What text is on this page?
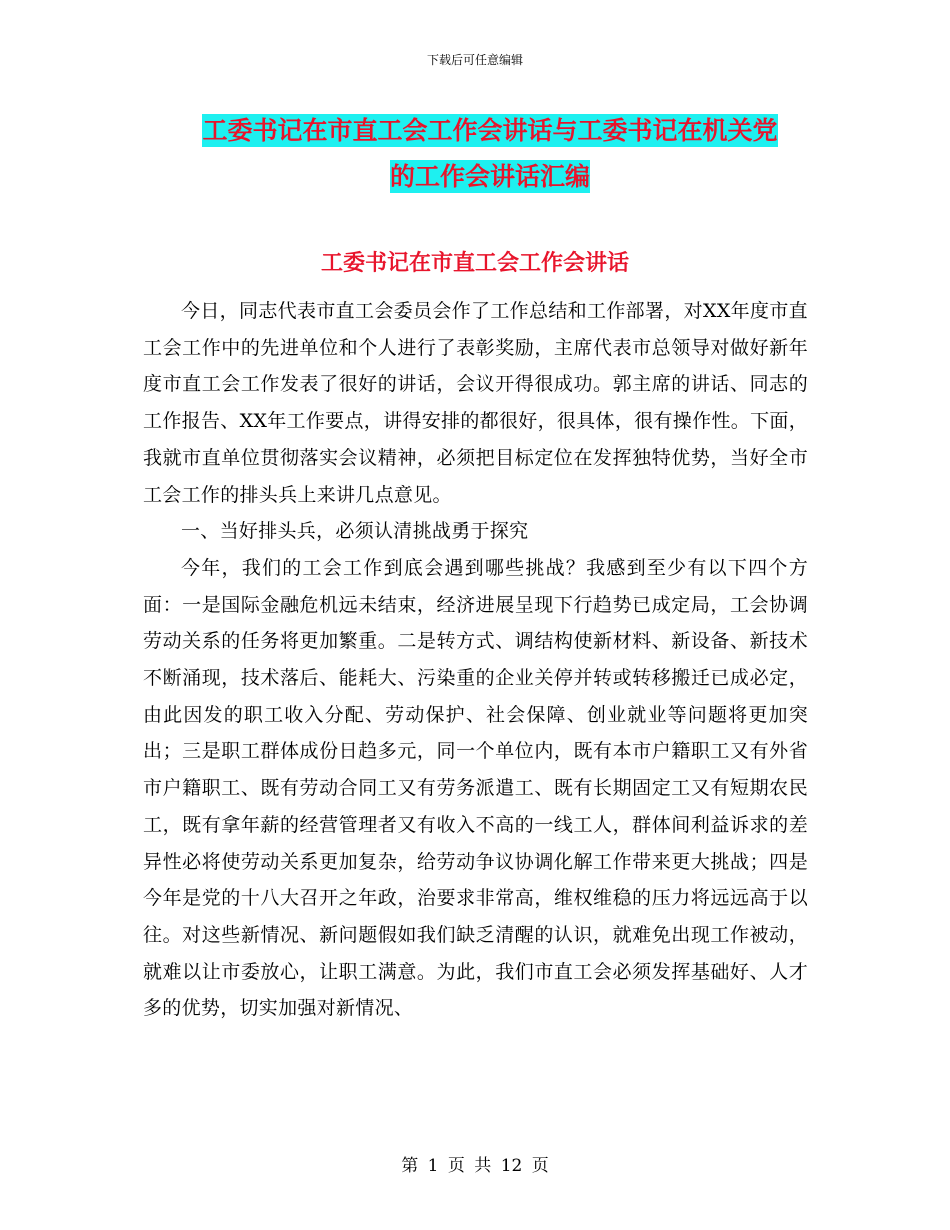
下载后可任意编辑
工委书记在市直工会工作会讲话与工委书记在机关党
的工作会讲话汇编
工委书记在市直工会工作会讲话

今日，同志代表市直工会委员会作了工作总结和工作部署，对XX年度市直工会工作中的先进单位和个人进行了表彰奖励，主席代表市总领导对做好新年度市直工会工作发表了很好的讲话，会议开得很成功。郭主席的讲话、同志的工作报告、XX年工作要点，讲得安排的都很好，很具体，很有操作性。下面，我就市直单位贯彻落实会议精神，必须把目标定位在发挥独特优势，当好全市工会工作的排头兵上来讲几点意见。

一、当好排头兵，必须认清挑战勇于探究

今年，我们的工会工作到底会遇到哪些挑战？我感到至少有以下四个方面：一是国际金融危机远未结束，经济进展呈现下行趋势已成定局，工会协调劳动关系的任务将更加繁重。二是转方式、调结构使新材料、新设备、新技术不断涌现，技术落后、能耗大、污染重的企业关停并转或转移搬迁已成必定，由此因发的职工收入分配、劳动保护、社会保障、创业就业等问题将更加突出；三是职工群体成份日趋多元，同一个单位内，既有本市户籍职工又有外省市户籍职工、既有劳动合同工又有劳务派遣工、既有长期固定工又有短期农民工，既有拿年薪的经营管理者又有收入不高的一线工人，群体间利益诉求的差异性必将使劳动关系更加复杂，给劳动争议协调化解工作带来更大挑战；四是今年是党的十八大召开之年政，治要求非常高，维权维稳的压力将远远高于以往。对这些新情况、新问题假如我们缺乏清醒的认识，就难免出现工作被动，就难以让市委放心，让职工满意。为此，我们市直工会必须发挥基础好、人才多的优势，切实加强对新情况、

第 1 页 共 12 页
